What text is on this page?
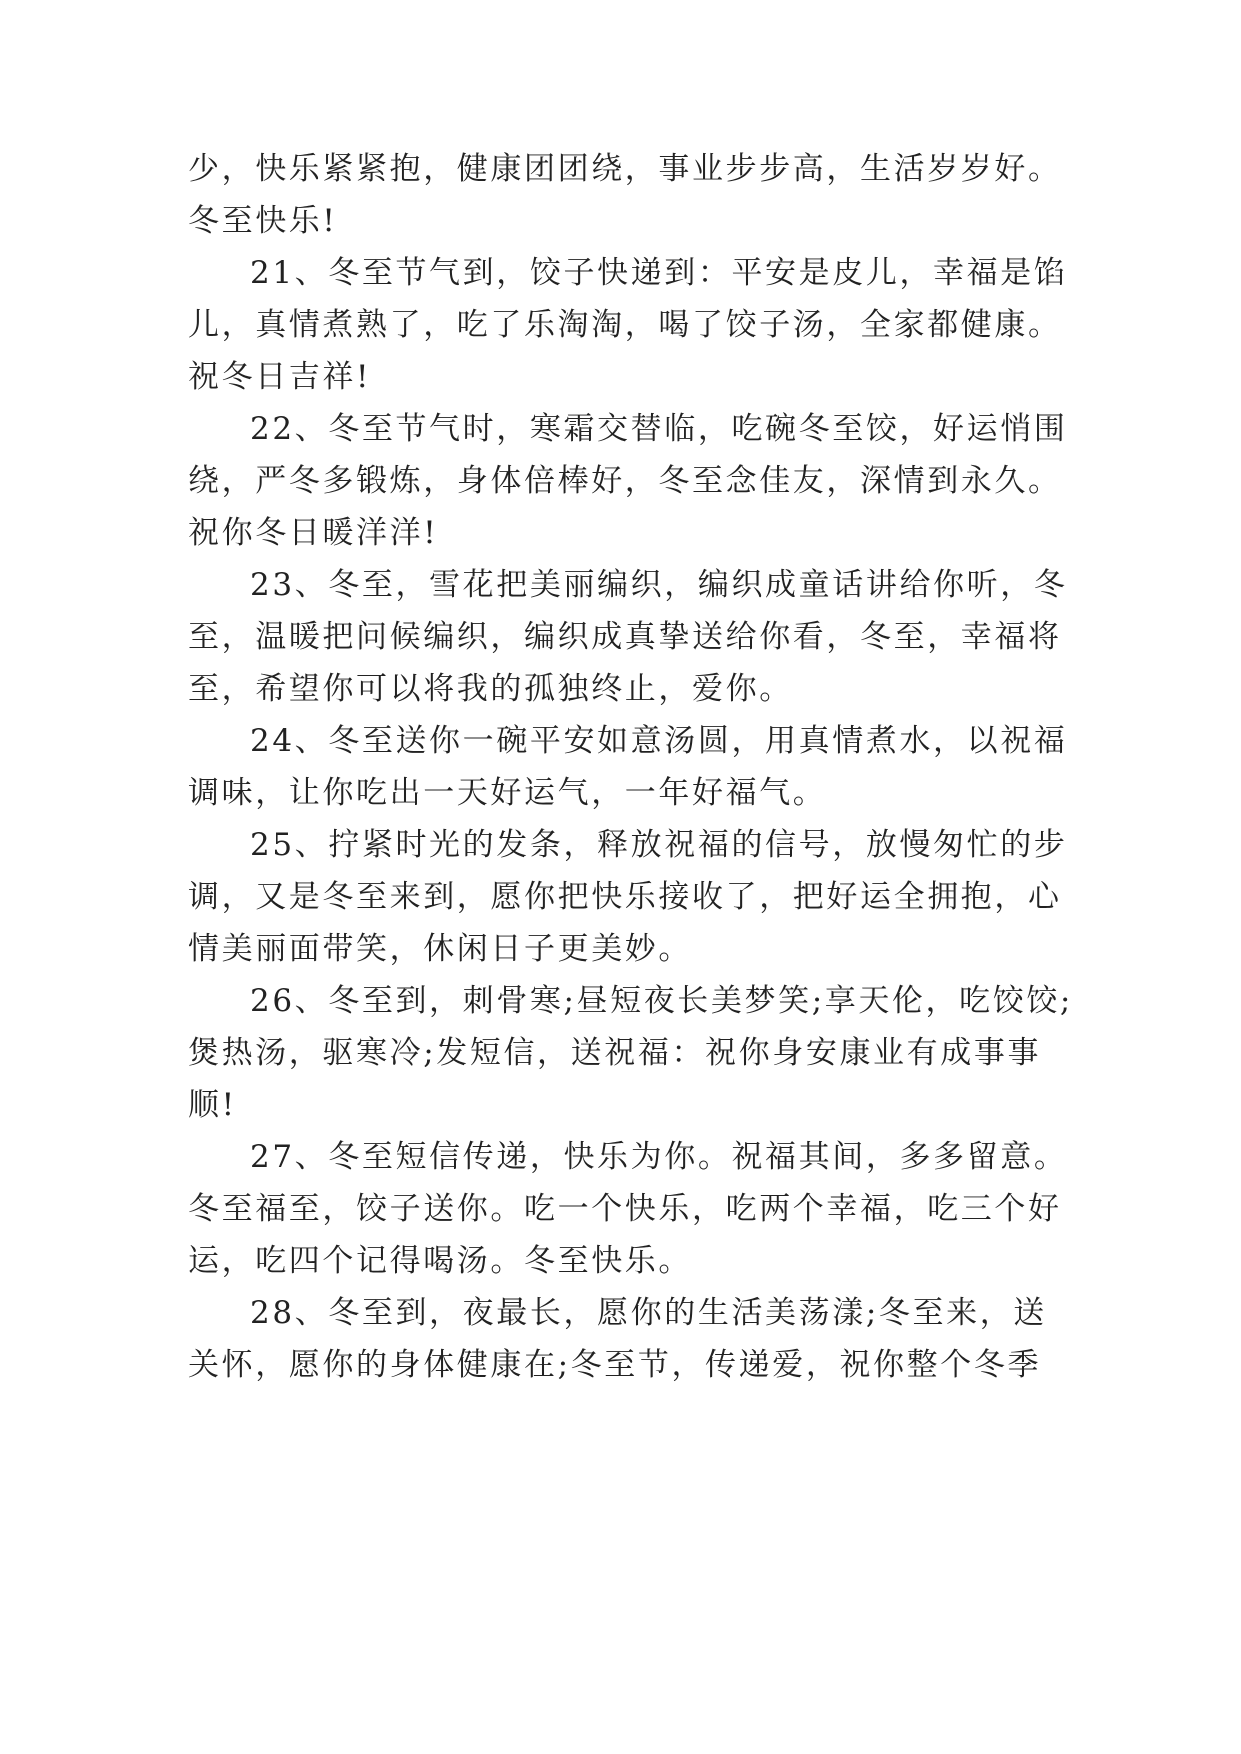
少，快乐紧紧抱，健康团团绕，事业步步高，生活岁岁好。
冬至快乐!
21、冬至节气到，饺子快递到：平安是皮儿，幸福是馅
儿，真情煮熟了，吃了乐淘淘，喝了饺子汤，全家都健康。
祝冬日吉祥!
22、冬至节气时，寒霜交替临，吃碗冬至饺，好运悄围
绕，严冬多锻炼，身体倍棒好，冬至念佳友，深情到永久。
祝你冬日暖洋洋!
23、冬至，雪花把美丽编织，编织成童话讲给你听，冬
至，温暖把问候编织，编织成真挚送给你看，冬至，幸福将
至，希望你可以将我的孤独终止，爱你。
24、冬至送你一碗平安如意汤圆，用真情煮水，以祝福
调味，让你吃出一天好运气，一年好福气。
25、拧紧时光的发条，释放祝福的信号，放慢匆忙的步
调，又是冬至来到，愿你把快乐接收了，把好运全拥抱，心
情美丽面带笑，休闲日子更美妙。
26、冬至到，刺骨寒;昼短夜长美梦笑;享天伦，吃饺饺;
煲热汤，驱寒冷;发短信，送祝福：祝你身安康业有成事事
顺!
27、冬至短信传递，快乐为你。祝福其间，多多留意。
冬至福至，饺子送你。吃一个快乐，吃两个幸福，吃三个好
运，吃四个记得喝汤。冬至快乐。
28、冬至到，夜最长，愿你的生活美荡漾;冬至来，送
关怀，愿你的身体健康在;冬至节，传递爱，祝你整个冬季
